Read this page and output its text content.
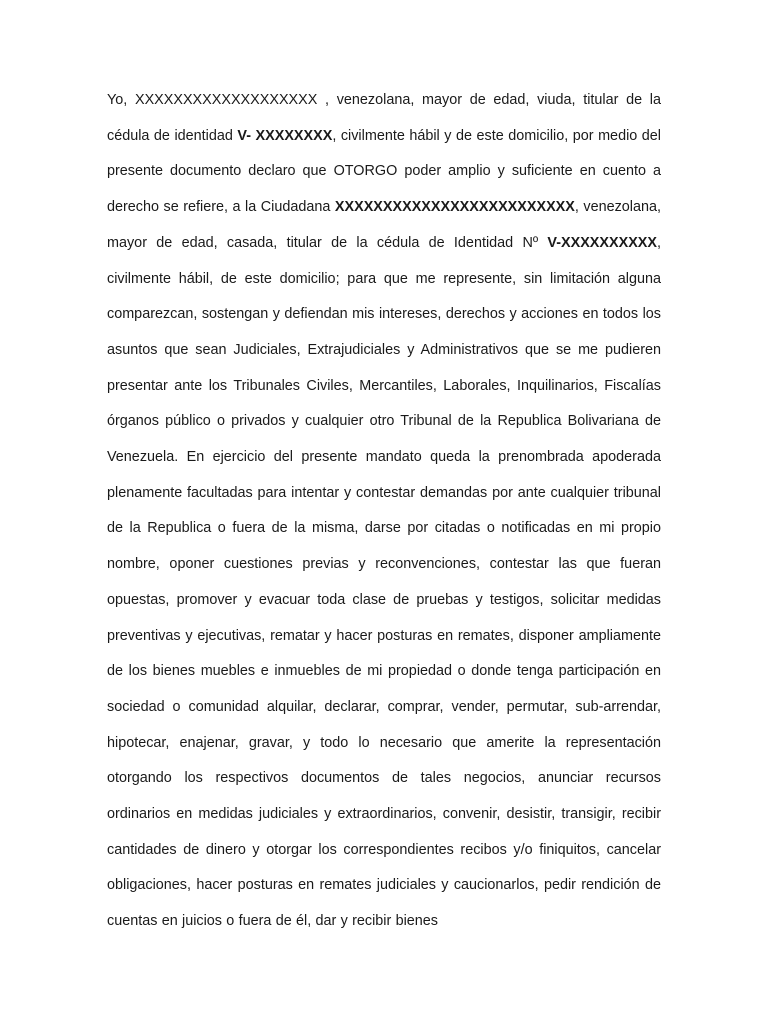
Yo, XXXXXXXXXXXXXXXXXXX , venezolana, mayor de edad, viuda, titular de la cédula de identidad V- XXXXXXXX, civilmente hábil y de este domicilio, por medio del presente documento declaro que OTORGO poder amplio y suficiente en cuento a derecho se refiere, a la Ciudadana XXXXXXXXXXXXXXXXXXXXXXXXX, venezolana, mayor de edad, casada, titular de la cédula de Identidad Nº V-XXXXXXXXXX, civilmente hábil, de este domicilio; para que me represente, sin limitación alguna comparezcan, sostengan y defiendan mis intereses, derechos y acciones en todos los asuntos que sean Judiciales, Extrajudiciales y Administrativos que se me pudieren presentar ante los Tribunales Civiles, Mercantiles, Laborales, Inquilinarios, Fiscalías órganos público o privados y cualquier otro Tribunal de la Republica Bolivariana de Venezuela. En ejercicio del presente mandato queda la prenombrada apoderada plenamente facultadas para intentar y contestar demandas por ante cualquier tribunal de la Republica o fuera de la misma, darse por citadas o notificadas en mi propio nombre, oponer cuestiones previas y reconvenciones, contestar las que fueran opuestas, promover y evacuar toda clase de pruebas y testigos, solicitar medidas preventivas y ejecutivas, rematar y hacer posturas en remates, disponer ampliamente de los bienes muebles e inmuebles de mi propiedad o donde tenga participación en sociedad o comunidad alquilar, declarar, comprar, vender, permutar, sub-arrendar, hipotecar, enajenar, gravar, y todo lo necesario que amerite la representación otorgando los respectivos documentos de tales negocios, anunciar recursos ordinarios en medidas judiciales y extraordinarios, convenir, desistir, transigir, recibir cantidades de dinero y otorgar los correspondientes recibos y/o finiquitos, cancelar obligaciones, hacer posturas en remates judiciales y caucionarlos, pedir rendición de cuentas en juicios o fuera de él, dar y recibir bienes
